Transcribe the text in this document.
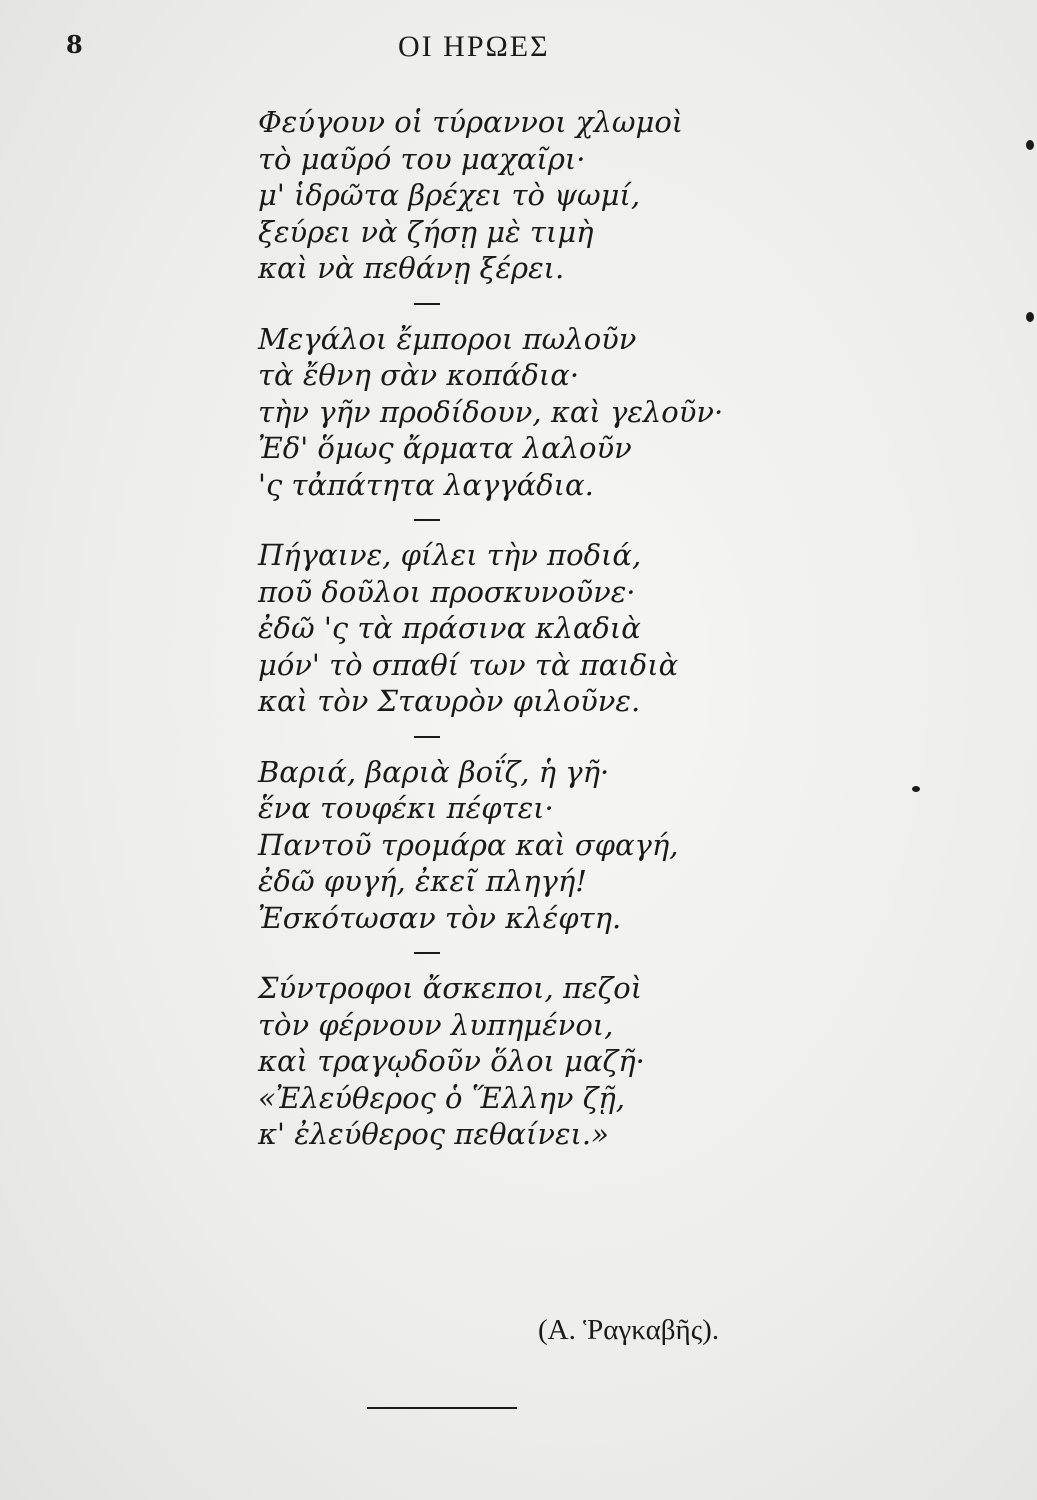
8	ΟΙ ΗΡΩΕΣ
Φεύγουν οἱ τύραννοι χλωμοὶ
τὸ μαῦρό του μαχαῖρι·
μ' ἱδρῶτα βρέχει τὸ ψωμί,
ξεύρει νὰ ζήσῃ μὲ τιμὴ
καὶ νὰ πεθάνῃ ξέρει.
Μεγάλοι ἔμποροι πωλοῦν
τὰ ἔθνη σὰν κοπάδια·
τὴν γῆν προδίδουν, καὶ γελοῦν·
Ἐδ' ὅμως ἄρματα λαλοῦν
'ς τἀπάτητα λαγγάδια.
Πήγαινε, φίλει τὴν ποδιά,
ποῦ δοῦλοι προσκυνοῦνε·
ἐδῶ 'ς τὰ πράσινα κλαδιὰ
μόν' τὸ σπαθί των τὰ παιδιὰ
καὶ τὸν Σταυρὸν φιλοῦνε.
Βαριά, βαριὰ βοΐζ, ἡ γῆ·
ἕνα τουφέκι πέφτει·
Παντοῦ τρομάρα καὶ σφαγή,
ἐδῶ φυγή, ἐκεῖ πληγή!
Ἐσκότωσαν τὸν κλέφτη.
Σύντροφοι ἄσκεποι, πεζοὶ
τὸν φέρνουν λυπημένοι,
καὶ τραγῳδοῦν ὅλοι μαζῆ·
«Ἐλεύθερος ὁ Ἕλλην ζῇ,
κ' ἐλεύθερος πεθαίνει.»
(Α. Ῥαγκαβῆς).
